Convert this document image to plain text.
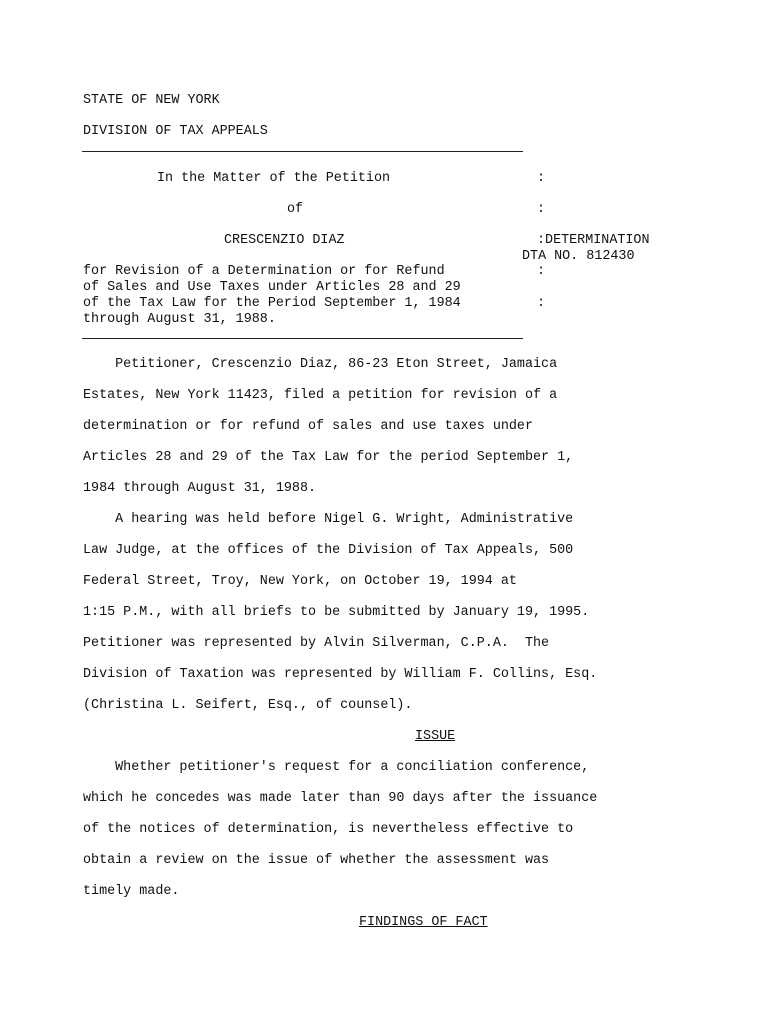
STATE OF NEW YORK
DIVISION OF TAX APPEALS
In the Matter of the Petition
of
CRESCENZIO DIAZ
for Revision of a Determination or for Refund
of Sales and Use Taxes under Articles 28 and 29
of the Tax Law for the Period September 1, 1984
through August 31, 1988.
:
:
:DETERMINATION
DTA NO. 812430
:
:
Petitioner, Crescenzio Diaz, 86-23 Eton Street, Jamaica
Estates, New York 11423, filed a petition for revision of a
determination or for refund of sales and use taxes under
Articles 28 and 29 of the Tax Law for the period September 1,
1984 through August 31, 1988.
A hearing was held before Nigel G. Wright, Administrative
Law Judge, at the offices of the Division of Tax Appeals, 500
Federal Street, Troy, New York, on October 19, 1994 at
1:15 P.M., with all briefs to be submitted by January 19, 1995.
Petitioner was represented by Alvin Silverman, C.P.A.  The
Division of Taxation was represented by William F. Collins, Esq.
(Christina L. Seifert, Esq., of counsel).
ISSUE
Whether petitioner's request for a conciliation conference,
which he concedes was made later than 90 days after the issuance
of the notices of determination, is nevertheless effective to
obtain a review on the issue of whether the assessment was
timely made.
FINDINGS OF FACT
